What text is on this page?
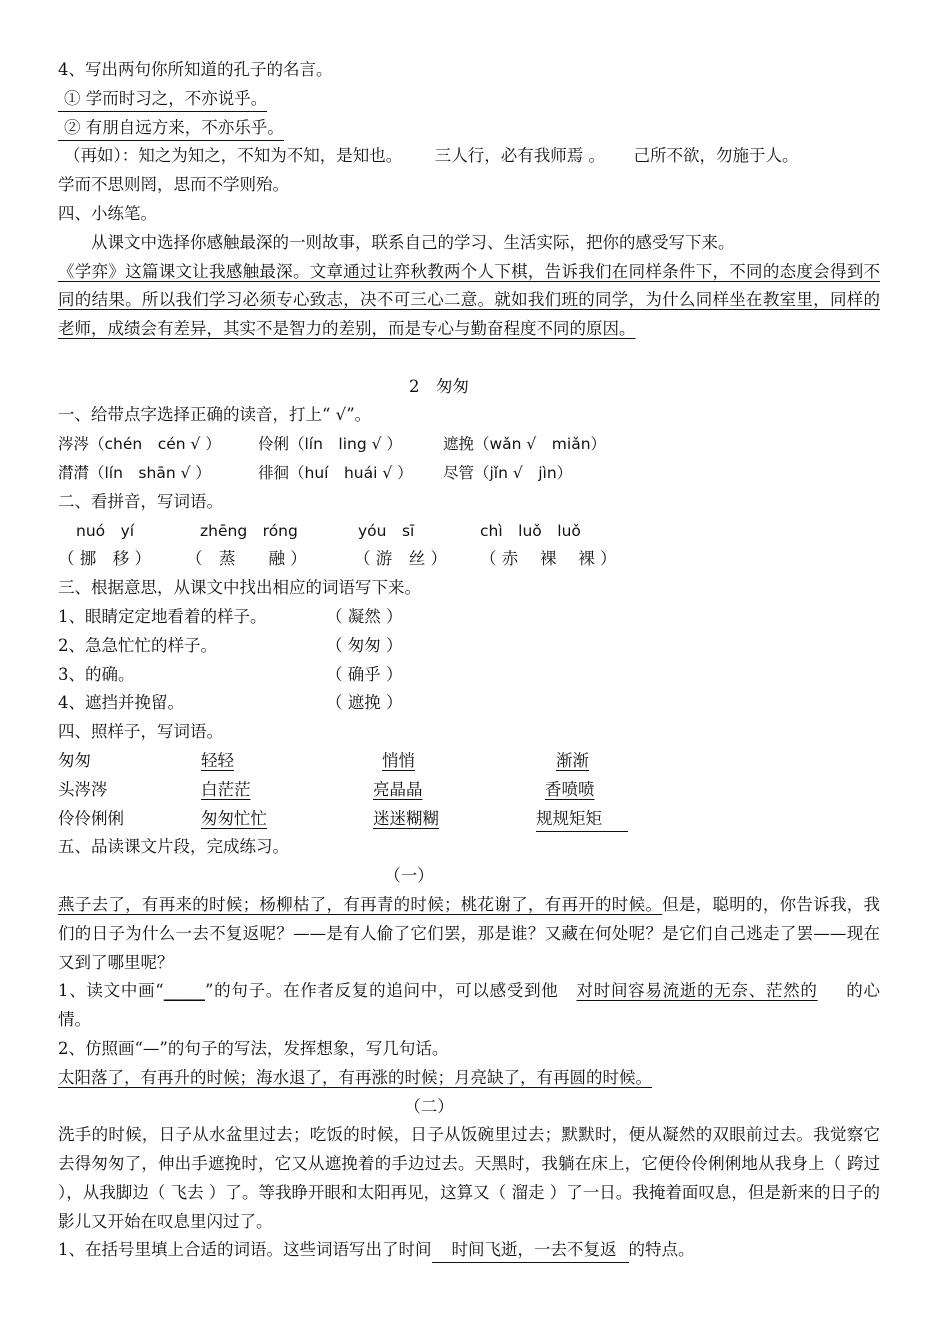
4、写出两句你所知道的孔子的名言。
① 学而时习之，不亦说乎。
② 有朋自远方来，不亦乐乎。
（再如）：知之为知之，不知为不知，是知也。 三人行，必有我师焉 。 己所不欲，勿施于人。
学而不思则罔，思而不学则殆。
四、小练笔。
从课文中选择你感触最深的一则故事，联系自己的学习、生活实际，把你的感受写下来。
《学弈》这篇课文让我感触最深。文章通过让弈秋教两个人下棋，告诉我们在同样条件下，不同的态度会得到不同的结果。所以我们学习必须专心致志，决不可三心二意。就如我们班的同学，为什么同样坐在教室里，同样的老师，成绩会有差异，其实不是智力的差别，而是专心与勤奋程度不同的原因。
2　匆匆
一、给带点字选择正确的读音，打上“ √”。
涔涔（chén　cén √ ） 伶俐（lín　ling √ ）	遮挽（wǎn √　miǎn）
潸潸（lín　shān √ ）	徘徊（huí　huái √ ） 尽管（jǐn √　jìn）
二、看拼音，写词语。
nuó　yí	zhēng　róng	yóu　sī	chì　luǒ　luǒ
（ 挪　移 ） （　蒸　　融 ）	（ 游　丝 ） （ 赤　 裸　 裸 ）
三、根据意思，从课文中找出相应的词语写下来。
1、眼睛定定地看着的样子。	（ 凝然 ）
2、急急忙忙的样子。	（ 匆匆 ）
3、的确。	（ 确乎 ）
4、遮挡并挽留。	（ 遮挽 ）
四、照样子，写词语。
匆匆	轻轻	悄悄	渐渐
头涔涔	白茫茫	亮晶晶	香喷喷
伶伶俐俐	匆匆忙忙	迷迷糊糊	规规矩矩
五、品读课文片段，完成练习。
（一）
燕子去了，有再来的时候；杨柳枯了，有再青的时候；桃花谢了，有再开的时候。但是，聪明的，你告诉我，我们的日子为什么一去不复返呢？——是有人偷了它们罢，那是谁？又藏在何处呢？是它们自己逃走了罢——现在又到了哪里呢？
1、读文中画“_____”的句子。在作者反复的追问中，可以感受到他 对时间容易流逝的无奈、茫然的 的心情。
2、仿照画“—”的句子的写法，发挥想象，写几句话。
太阳落了，有再升的时候；海水退了，有再涨的时候；月亮缺了，有再圆的时候。
（二）
洗手的时候，日子从水盆里过去；吃饭的时候，日子从饭碗里过去；默默时，便从凝然的双眼前过去。我觉察它去得匆匆了，伸出手遮挽时，它又从遮挽着的手边过去。天黑时，我躺在床上，它便伶伶俐俐地从我身上（ 跨过 ），从我脚边（ 飞去 ）了。等我睁开眼和太阳再见，这算又（ 溜走 ）了一日。我掩着面叹息，但是新来的日子的影儿又开始在叹息里闪过了。
1、在括号里填上合适的词语。这些词语写出了时间 时间飞逝，一去不复返 的特点。
